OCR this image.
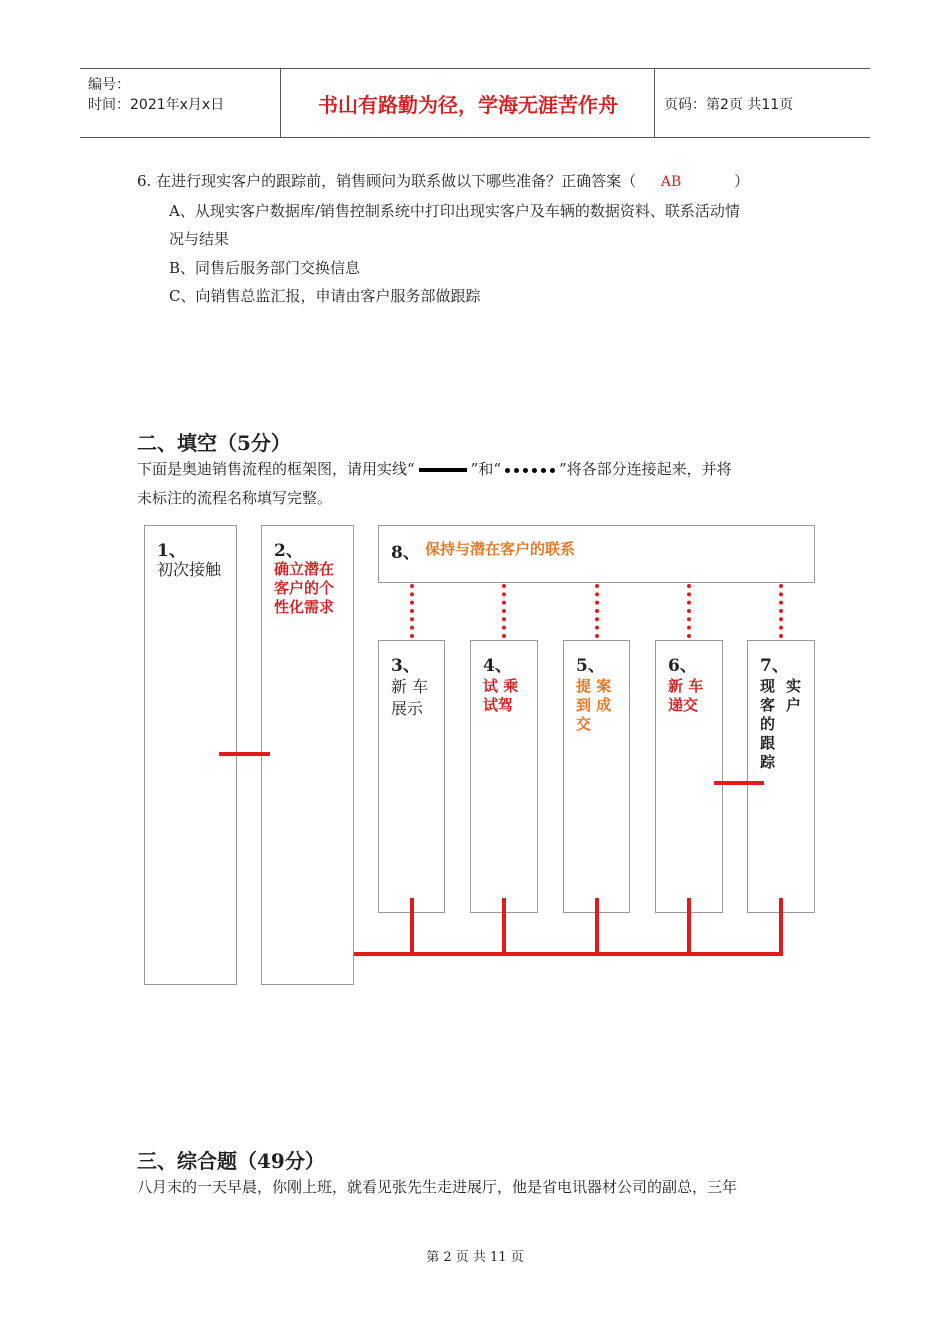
编号：
时间：2021年x月x日	书山有路勤为径，学海无涯苦作舟	页码：第2页 共11页
6. 在进行现实客户的跟踪前，销售顾问为联系做以下哪些准备？正确答案（ AB	）
A、从现实客户数据库/销售控制系统中打印出现实客户及车辆的数据资料、联系活动情
况与结果
B、同售后服务部门交换信息
C、向销售总监汇报，申请由客户服务部做跟踪
二、填空（5分）
下面是奥迪销售流程的框架图，请用实线“	”和“	”将各部分连接起来，并将
未标注的流程名称填写完整。
1、
初次接触
2、
确立潜在客户的个性化需求
8、 保持与潜在客户的联系
3、
新 车
展示
4、
试 乘
试驾
5、
提 案
到 成
交
6、
新 车
递交
7、
实 户
现 客 的 跟 踪
三、综合题（49分）
八月末的一天早晨，你刚上班，就看见张先生走进展厅，他是省电讯器材公司的副总，三年
第 2 页 共 11 页
